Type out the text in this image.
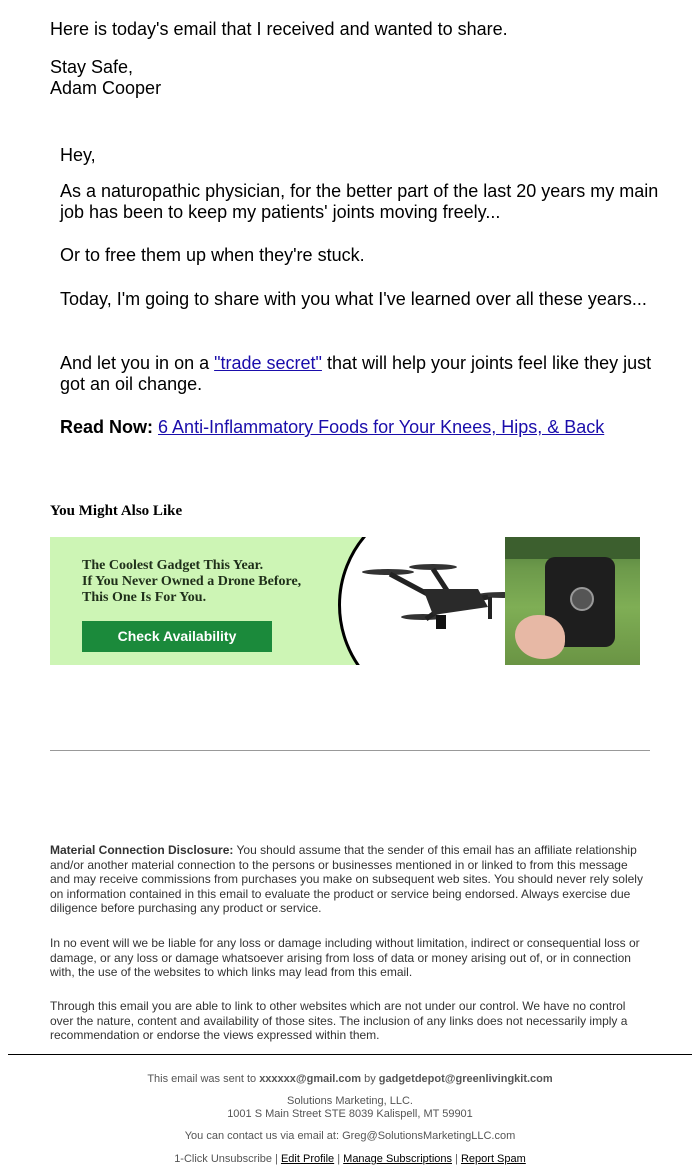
Here is today's email that I received and wanted to share.

Stay Safe,

Adam Cooper

Hey,

As a naturopathic physician, for the better part of the last 20 years my main job has been to keep my patients' joints moving freely...

Or to free them up when they're stuck.

Today, I'm going to share with you what I've learned over all these years...

And let you in on a "trade secret" that will help your joints feel like they just got an oil change.

Read Now: 6 Anti-Inflammatory Foods for Your Knees, Hips, & Back

You Might Also Like
The Coolest Gadget This Year.
If You Never Owned a Drone Before,
This One Is For You.
Check Availability

Material Connection Disclosure: You should assume that the sender of this email has an affiliate relationship and/or another material connection to the persons or businesses mentioned in or linked to from this message and may receive commissions from purchases you make on subsequent web sites. You should never rely solely on information contained in this email to evaluate the product or service being endorsed. Always exercise due diligence before purchasing any product or service.

In no event will we be liable for any loss or damage including without limitation, indirect or consequential loss or damage, or any loss or damage whatsoever arising from loss of data or money arising out of, or in connection with, the use of the websites to which links may lead from this email.

Through this email you are able to link to other websites which are not under our control. We have no control over the nature, content and availability of those sites. The inclusion of any links does not necessarily imply a recommendation or endorse the views expressed within them.

This email was sent to xxxxxx@gmail.com by gadgetdepot@greenlivingkit.com

Solutions Marketing, LLC.

1001 S Main Street STE 8039 Kalispell, MT 59901

You can contact us via email at: Greg@SolutionsMarketingLLC.com

1-Click Unsubscribe | Edit Profile | Manage Subscriptions | Report Spam
